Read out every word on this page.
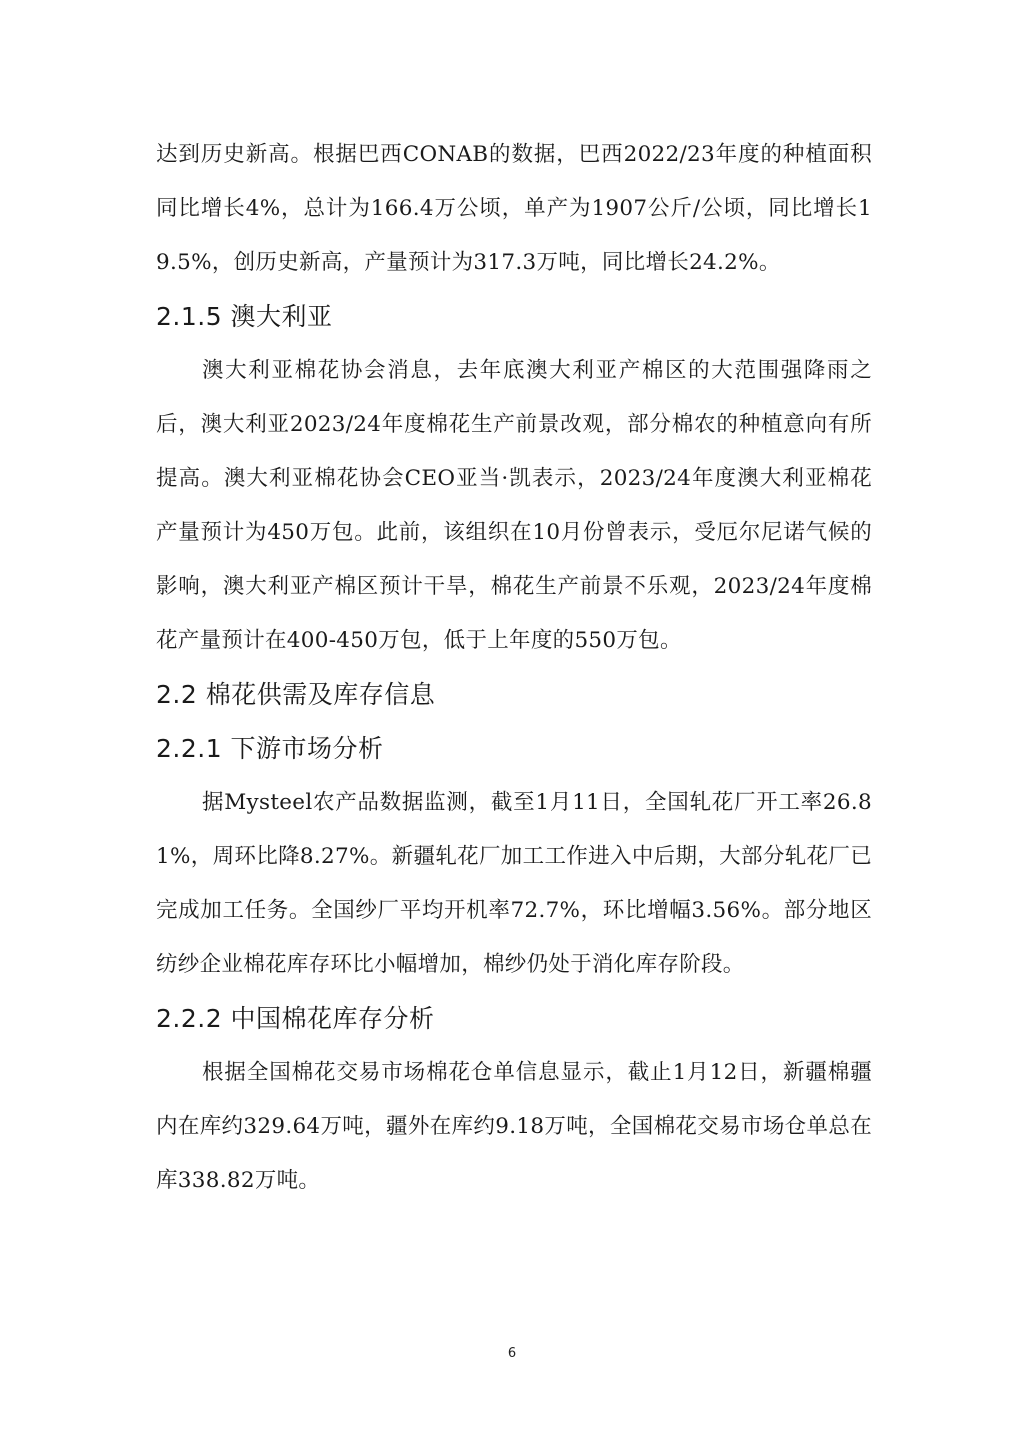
达到历史新高。根据巴西CONAB的数据，巴西2022/23年度的种植面积同比增长4%，总计为166.4万公顷，单产为1907公斤/公顷，同比增长19.5%，创历史新高，产量预计为317.3万吨，同比增长24.2%。

2.1.5 澳大利亚

澳大利亚棉花协会消息，去年底澳大利亚产棉区的大范围强降雨之后，澳大利亚2023/24年度棉花生产前景改观，部分棉农的种植意向有所提高。澳大利亚棉花协会CEO亚当·凯表示，2023/24年度澳大利亚棉花产量预计为450万包。此前，该组织在10月份曾表示，受厄尔尼诺气候的影响，澳大利亚产棉区预计干旱，棉花生产前景不乐观，2023/24年度棉花产量预计在400-450万包，低于上年度的550万包。

2.2 棉花供需及库存信息
2.2.1 下游市场分析

据Mysteel农产品数据监测，截至1月11日，全国轧花厂开工率26.81%，周环比降8.27%。新疆轧花厂加工工作进入中后期，大部分轧花厂已完成加工任务。全国纱厂平均开机率72.7%，环比增幅3.56%。部分地区纺纱企业棉花库存环比小幅增加，棉纱仍处于消化库存阶段。

2.2.2 中国棉花库存分析

根据全国棉花交易市场棉花仓单信息显示，截止1月12日，新疆棉疆内在库约329.64万吨，疆外在库约9.18万吨，全国棉花交易市场仓单总在库338.82万吨。

6
